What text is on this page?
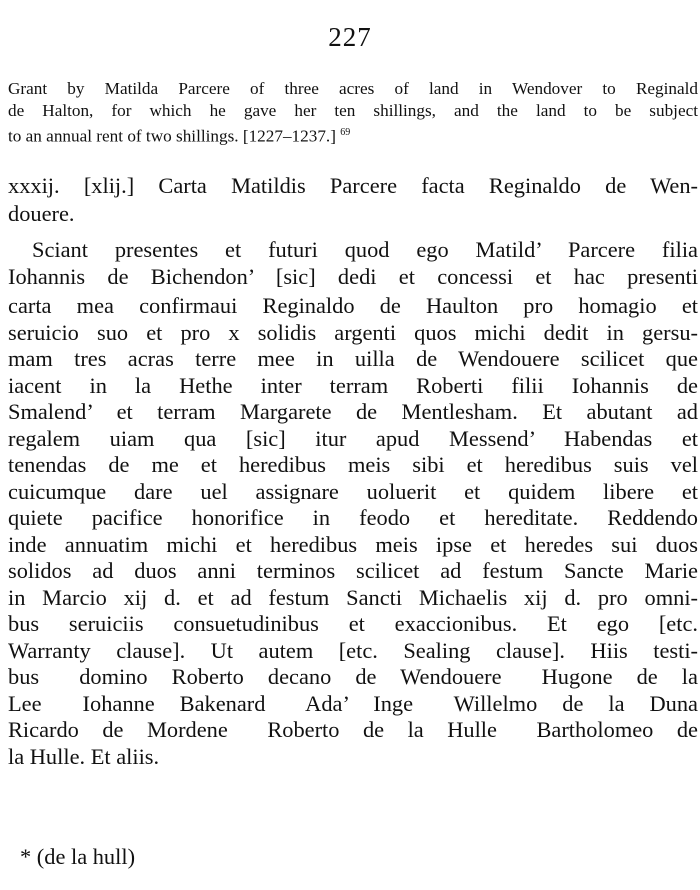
227
Grant by Matilda Parcere of three acres of land in Wendover to Reginald
de Halton, for which he gave her ten shillings, and the land to be subject
to an annual rent of two shillings. [1227–1237.] $^{69}$
xxxij. [xlij.] Carta Matildis Parcere facta Reginaldo de Wen-
douere.
Sciant presentes et futuri quod ego Matild’ Parcere filia
Iohannis de Bichendon’ [sic] dedi et concessi et hac presenti
carta mea confirmaui Reginaldo de Haulton pro homagio et
seruicio suo et pro x solidis argenti quos michi dedit in gersu-
mam tres acras terre mee in uilla de Wendouere scilicet que
iacent in la Hethe inter terram Roberti filii Iohannis de
Smalend’ et terram Margarete de Mentlesham. Et abutant ad
regalem uiam qua [sic] itur apud Messend’ Habendas et
tenendas de me et heredibus meis sibi et heredibus suis vel
cuicumque dare uel assignare uoluerit et quidem libere et
quiete pacifice honorifice in feodo et hereditate. Reddendo
inde annuatim michi et heredibus meis ipse et heredes sui duos
solidos ad duos anni terminos scilicet ad festum Sancte Marie
in Marcio xij d. et ad festum Sancti Michaelis xij d. pro omni-
bus seruiciis consuetudinibus et exaccionibus. Et ego [etc.
Warranty clause]. Ut autem [etc. Sealing clause]. Hiis testi-
bus domino Roberto decano de Wendouere Hugone de la
Lee Iohanne Bakenard Ada’ Inge Willelmo de la Duna
Ricardo de Mordene Roberto de la Hulle Bartholomeo de
la Hulle. Et aliis.
* (de la hull)
